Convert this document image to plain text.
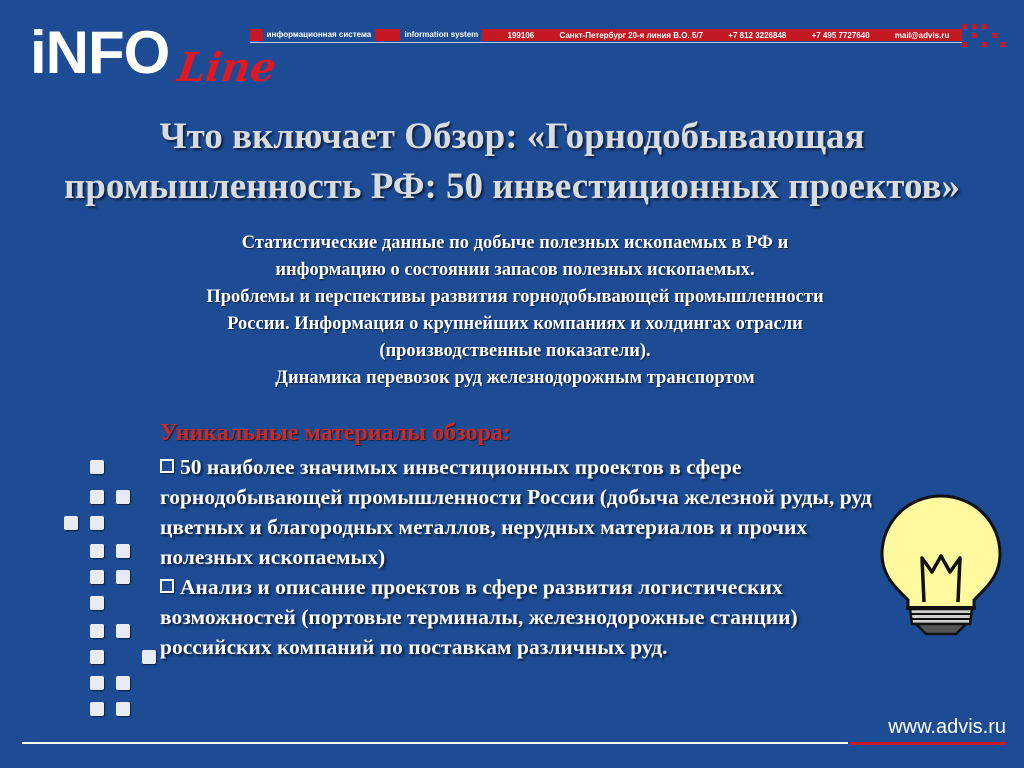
iNFO Line
информационная система	information system	199106	Санкт-Петербург 20-я линия В.О. 5/7	+7 812 3226848	+7 495 7727640	mail@advis.ru
Что включает Обзор: «Горнодобывающая
промышленность РФ: 50 инвестиционных проектов»
Статистические данные по добыче полезных ископаемых в РФ и
информацию о состоянии запасов полезных ископаемых.
Проблемы и перспективы развития горнодобывающей промышленности
России. Информация о крупнейших компаниях и холдингах отрасли
(производственные показатели).
Динамика перевозок руд железнодорожным транспортом
Уникальные материалы обзора:
50 наиболее значимых инвестиционных проектов в сфере горнодобывающей промышленности России (добыча железной руды, руд цветных и благородных металлов, нерудных материалов и прочих полезных ископаемых)
Анализ и описание проектов в сфере развития логистических возможностей (портовые терминалы, железнодорожные станции) российских компаний по поставкам различных руд.
www.advis.ru
